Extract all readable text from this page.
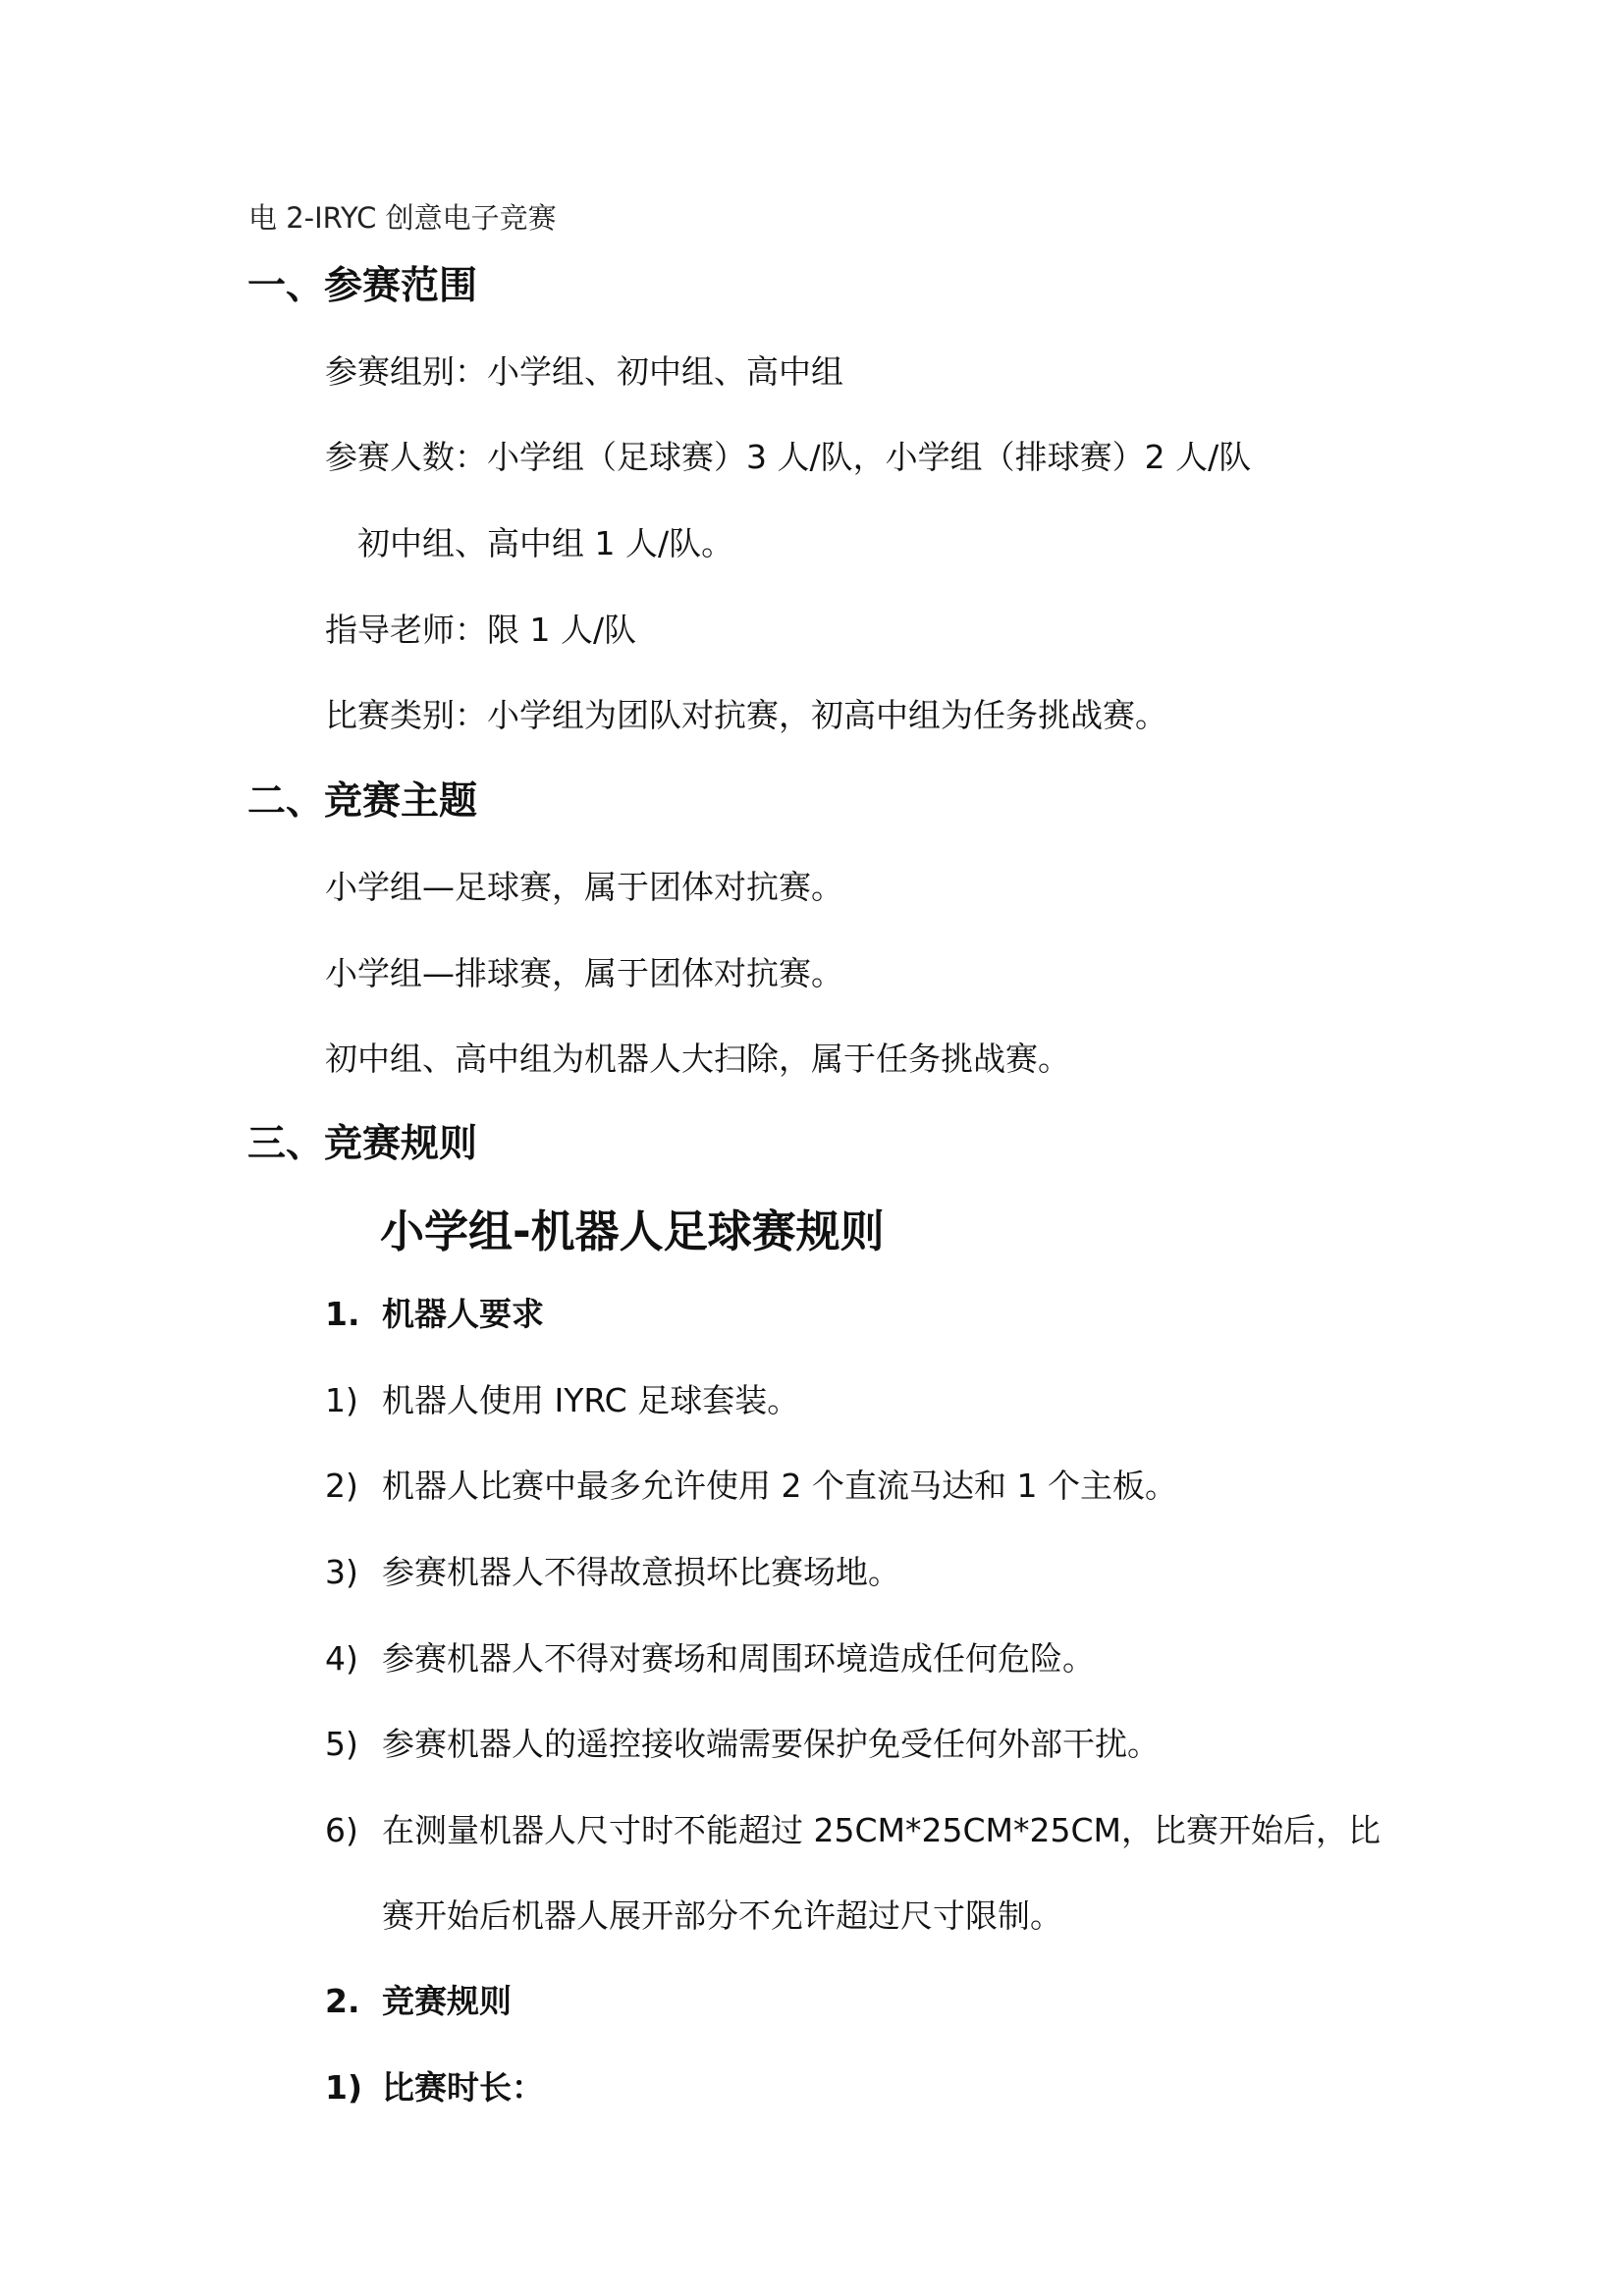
电 2-IRYC 创意电子竞赛
一、参赛范围
参赛组别：小学组、初中组、高中组
参赛人数：小学组（足球赛）3 人/队，小学组（排球赛）2 人/队
初中组、高中组 1 人/队。
指导老师：限 1 人/队
比赛类别：小学组为团队对抗赛，初高中组为任务挑战赛。
二、竞赛主题
小学组—足球赛，属于团体对抗赛。
小学组—排球赛，属于团体对抗赛。
初中组、高中组为机器人大扫除，属于任务挑战赛。
三、竞赛规则
小学组-机器人足球赛规则
1. 机器人要求
1) 机器人使用 IYRC 足球套装。
2) 机器人比赛中最多允许使用 2 个直流马达和 1 个主板。
3) 参赛机器人不得故意损坏比赛场地。
4) 参赛机器人不得对赛场和周围环境造成任何危险。
5) 参赛机器人的遥控接收端需要保护免受任何外部干扰。
6) 在测量机器人尺寸时不能超过 25CM*25CM*25CM，比赛开始后，比
赛开始后机器人展开部分不允许超过尺寸限制。
2. 竞赛规则
1) 比赛时长：
